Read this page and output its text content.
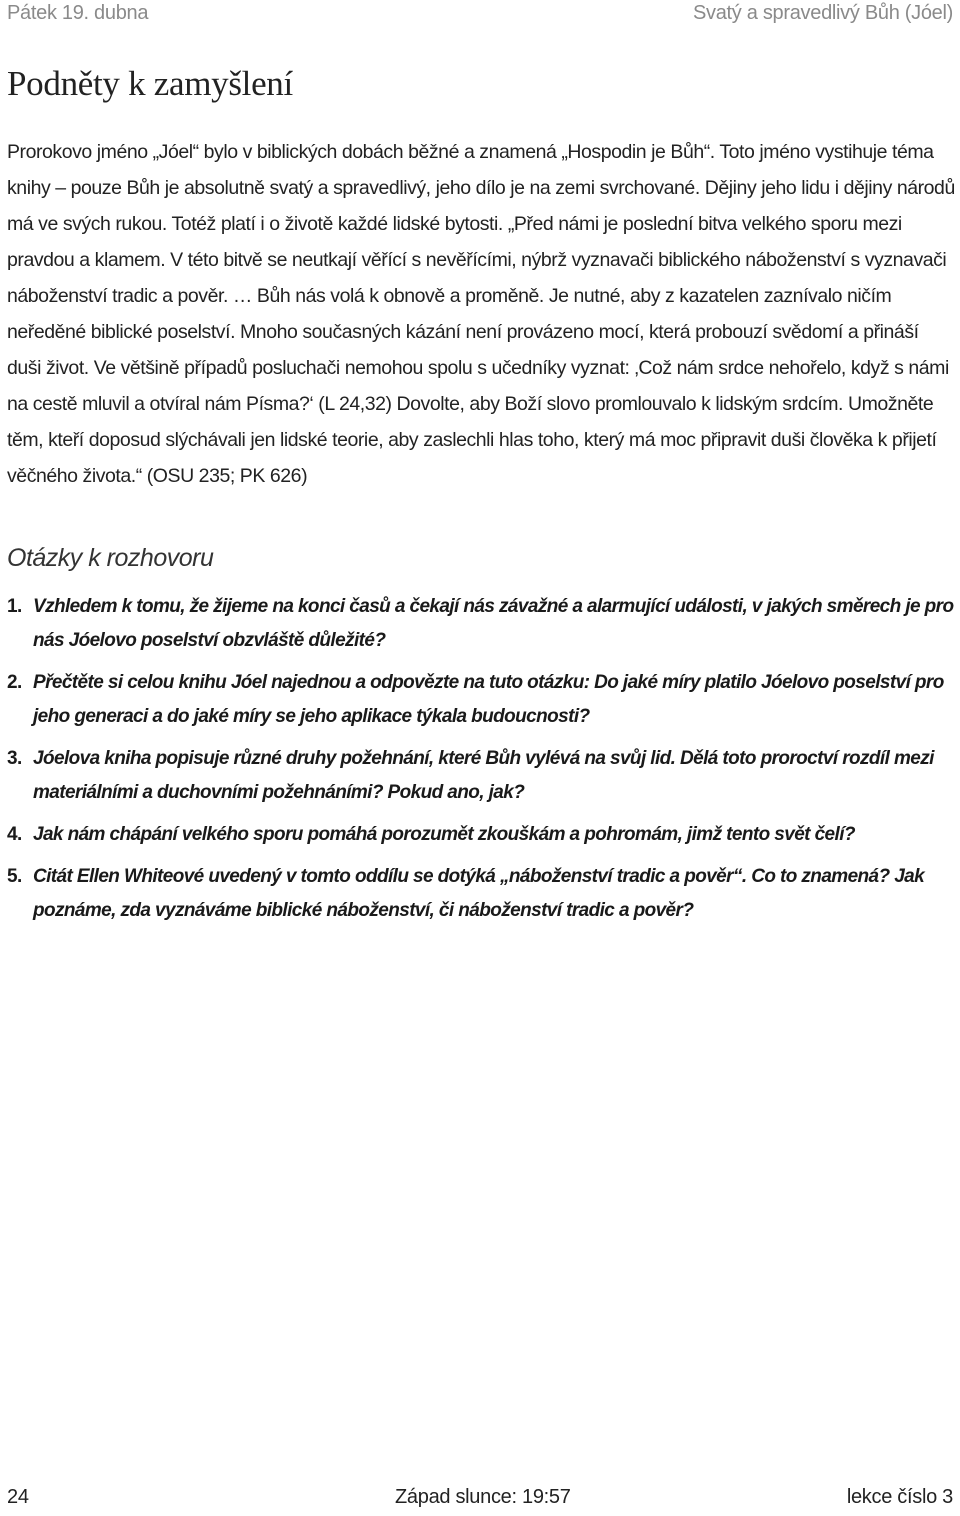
Pátek 19. dubna	Svatý a spravedlivý Bůh (Jóel)
Podněty k zamyšlení

Prorokovo jméno „Jóel“ bylo v biblických dobách běžné a znamená „Hospodin je Bůh“. Toto jméno vystihuje téma knihy – pouze Bůh je absolutně svatý a spravedlivý, jeho dílo je na zemi svrchované. Dějiny jeho lidu i dějiny národů má ve svých rukou. Totéž platí i o životě každé lidské bytosti. „Před námi je poslední bitva velkého sporu mezi pravdou a klamem. V této bitvě se neutkají věřící s nevěřícími, nýbrž vyznavači biblického náboženství s vyznavači náboženství tradic a pověr. … Bůh nás volá k obnově a proměně. Je nutné, aby z kazatelen zaznívalo ničím neředěné biblické poselství. Mnoho současných kázání není provázeno mocí, která probouzí svědomí a přináší duši život. Ve většině případů posluchači nemohou spolu s učedníky vyznat: ‚Což nám srdce nehořelo, když s námi na cestě mluvil a otvíral nám Písma?‘ (L 24,32) Dovolte, aby Boží slovo promlouvalo k lidským srdcím. Umožněte těm, kteří doposud slýchávali jen lidské teorie, aby zaslechli hlas toho, který má moc připravit duši člověka k přijetí věčného života.“ (OSU 235; PK 626)

Otázky k rozhovoru
1. Vzhledem k tomu, že žijeme na konci časů a čekají nás závažné a alarmující události, v jakých směrech je pro nás Jóelovo poselství obzvláště důležité?
2. Přečtěte si celou knihu Jóel najednou a odpovězte na tuto otázku: Do jaké míry platilo Jóelovo poselství pro jeho generaci a do jaké míry se jeho aplikace týkala budoucnosti?
3. Jóelova kniha popisuje různé druhy požehnání, které Bůh vylévá na svůj lid. Dělá toto proroctví rozdíl mezi materiálními a duchovními požehnáními? Pokud ano, jak?
4. Jak nám chápání velkého sporu pomáhá porozumět zkouškám a pohromám, jimž tento svět čelí?
5. Citát Ellen Whiteové uvedený v tomto oddílu se dotýká „náboženství tradic a pověr“. Co to znamená? Jak poznáme, zda vyznáváme biblické náboženství, či náboženství tradic a pověr?
24	Západ slunce: 19:57	lekce číslo 3
